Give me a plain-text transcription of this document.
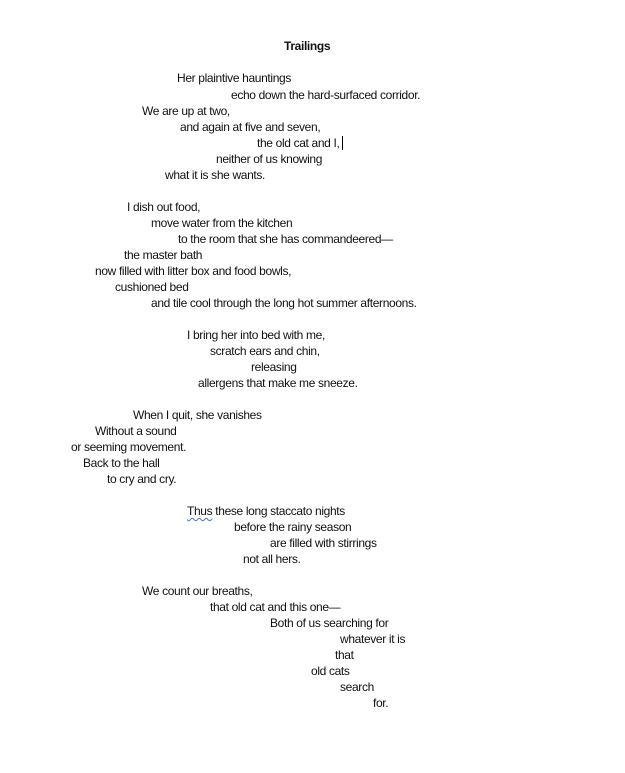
Trailings
Her plaintive hauntings
echo down the hard-surfaced corridor.
We are up at two,
and again at five and seven,
the old cat and I,
neither of us knowing
what it is she wants.
I dish out food,
move water from the kitchen
to the room that she has commandeered—
the master bath
now filled with litter box and food bowls,
cushioned bed
and tile cool through the long hot summer afternoons.
I bring her into bed with me,
scratch ears and chin,
releasing
allergens that make me sneeze.
When I quit, she vanishes
Without a sound
or seeming movement.
Back to the hall
to cry and cry.
Thus these long staccato nights
before the rainy season
are filled with stirrings
not all hers.
We count our breaths,
that old cat and this one—
Both of us searching for
whatever it is
that
old cats
search
for.
